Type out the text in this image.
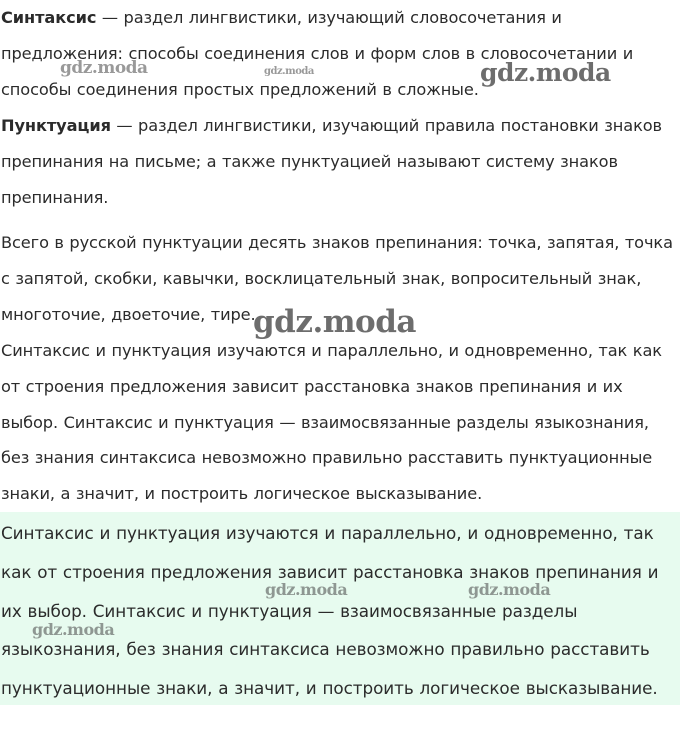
Синтаксис — раздел лингвистики, изучающий словосочетания и предложения: способы соединения слов и форм слов в словосочетании и способы соединения простых предложений в сложные.

Пунктуация — раздел лингвистики, изучающий правила постановки знаков препинания на письме; а также пунктуацией называют систему знаков препинания.

Всего в русской пунктуации десять знаков препинания: точка, запятая, точка с запятой, скобки, кавычки, восклицательный знак, вопросительный знак, многоточие, двоеточие, тире.

Синтаксис и пунктуация изучаются и параллельно, и одновременно, так как от строения предложения зависит расстановка знаков препинания и их выбор. Синтаксис и пунктуация — взаимосвязанные разделы языкознания, без знания синтаксиса невозможно правильно расставить пунктуационные знаки, а значит, и построить логическое высказывание.

Синтаксис и пунктуация изучаются и параллельно, и одновременно, так как от строения предложения зависит расстановка знаков препинания и их выбор. Синтаксис и пунктуация — взаимосвязанные разделы языкознания, без знания синтаксиса невозможно правильно расставить пунктуационные знаки, а значит, и построить логическое высказывание.

gdz.moda	gdz.moda	gdz.moda
gdz.moda
gdz.moda	gdz.moda
gdz.moda
